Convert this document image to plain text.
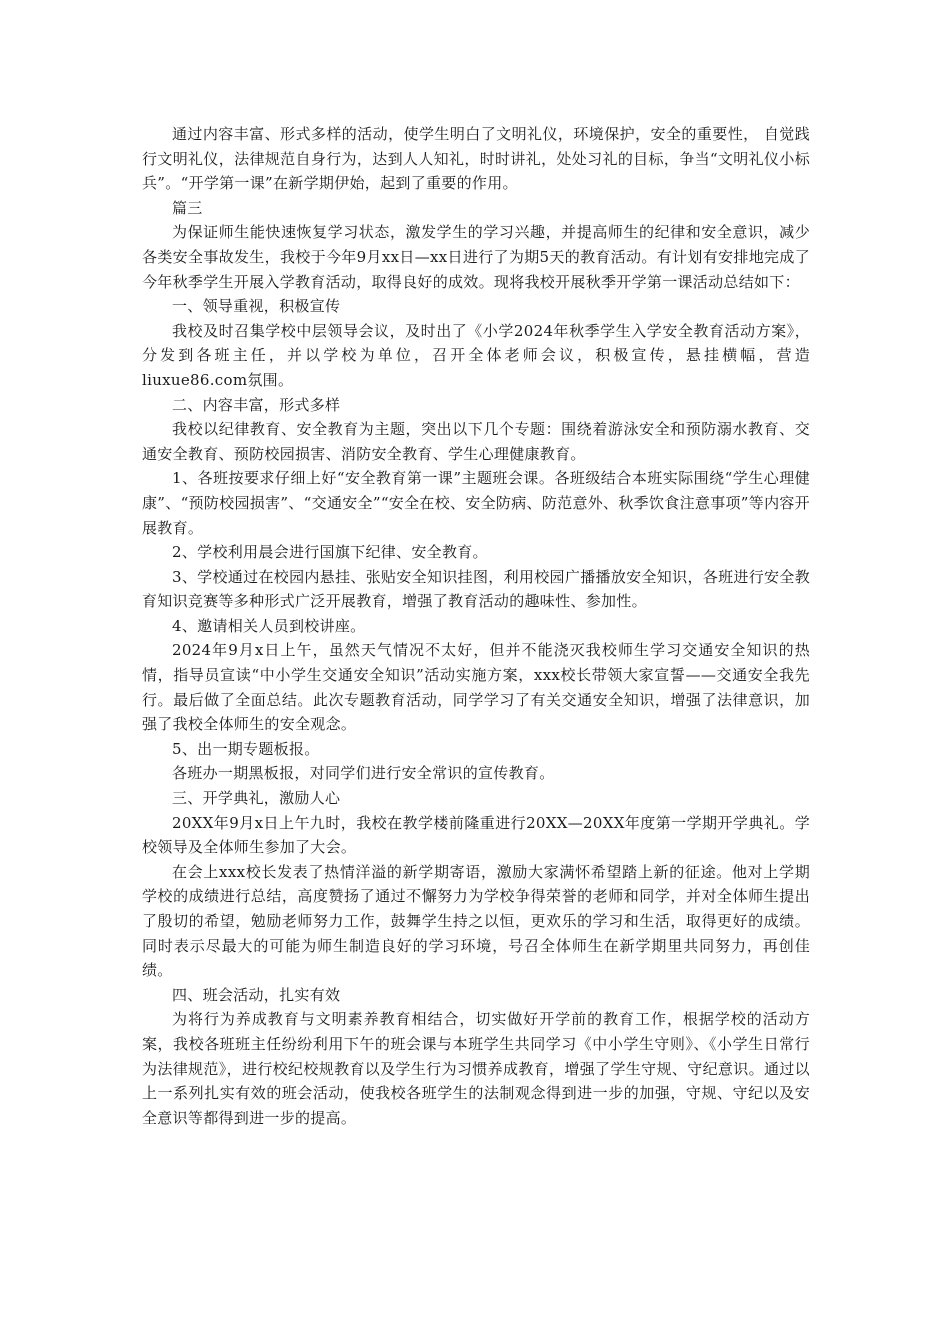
通过内容丰富、形式多样的活动，使学生明白了文明礼仪，环境保护，安全的重要性， 自觉践行文明礼仪，法律规范自身行为，达到人人知礼，时时讲礼，处处习礼的目标，争当“文明礼仪小标兵”。“开学第一课”在新学期伊始，起到了重要的作用。

篇三

为保证师生能快速恢复学习状态，激发学生的学习兴趣，并提高师生的纪律和安全意识，减少各类安全事故发生，我校于今年9月xx日—xx日进行了为期5天的教育活动。有计划有安排地完成了今年秋季学生开展入学教育活动，取得良好的成效。现将我校开展秋季开学第一课活动总结如下：

一、领导重视，积极宣传

我校及时召集学校中层领导会议，及时出了《小学2024年秋季学生入学安全教育活动方案》，分发到各班主任，并以学校为单位，召开全体老师会议，积极宣传，悬挂横幅，营造liuxue86.com氛围。

二、内容丰富，形式多样

我校以纪律教育、安全教育为主题，突出以下几个专题：围绕着游泳安全和预防溺水教育、交通安全教育、预防校园损害、消防安全教育、学生心理健康教育。

1、各班按要求仔细上好“安全教育第一课”主题班会课。各班级结合本班实际围绕“学生心理健康”、“预防校园损害”、“交通安全”“安全在校、安全防病、防范意外、秋季饮食注意事项”等内容开展教育。

2、学校利用晨会进行国旗下纪律、安全教育。

3、学校通过在校园内悬挂、张贴安全知识挂图，利用校园广播播放安全知识，各班进行安全教育知识竞赛等多种形式广泛开展教育，增强了教育活动的趣味性、参加性。

4、邀请相关人员到校讲座。

2024年9月x日上午，虽然天气情况不太好，但并不能浇灭我校师生学习交通安全知识的热情，指导员宣读“中小学生交通安全知识”活动实施方案，xxx校长带领大家宣誓——交通安全我先行。最后做了全面总结。此次专题教育活动，同学学习了有关交通安全知识，增强了法律意识，加强了我校全体师生的安全观念。

5、出一期专题板报。

各班办一期黑板报，对同学们进行安全常识的宣传教育。

三、开学典礼，激励人心

20XX年9月x日上午九时，我校在教学楼前隆重进行20XX—20XX年度第一学期开学典礼。学校领导及全体师生参加了大会。

在会上xxx校长发表了热情洋溢的新学期寄语，激励大家满怀希望踏上新的征途。他对上学期学校的成绩进行总结，高度赞扬了通过不懈努力为学校争得荣誉的老师和同学，并对全体师生提出了殷切的希望，勉励老师努力工作，鼓舞学生持之以恒，更欢乐的学习和生活，取得更好的成绩。同时表示尽最大的可能为师生制造良好的学习环境，号召全体师生在新学期里共同努力，再创佳绩。

四、班会活动，扎实有效

为将行为养成教育与文明素养教育相结合，切实做好开学前的教育工作，根据学校的活动方案，我校各班班主任纷纷利用下午的班会课与本班学生共同学习《中小学生守则》、《小学生日常行为法律规范》，进行校纪校规教育以及学生行为习惯养成教育，增强了学生守规、守纪意识。通过以上一系列扎实有效的班会活动，使我校各班学生的法制观念得到进一步的加强，守规、守纪以及安全意识等都得到进一步的提高。
